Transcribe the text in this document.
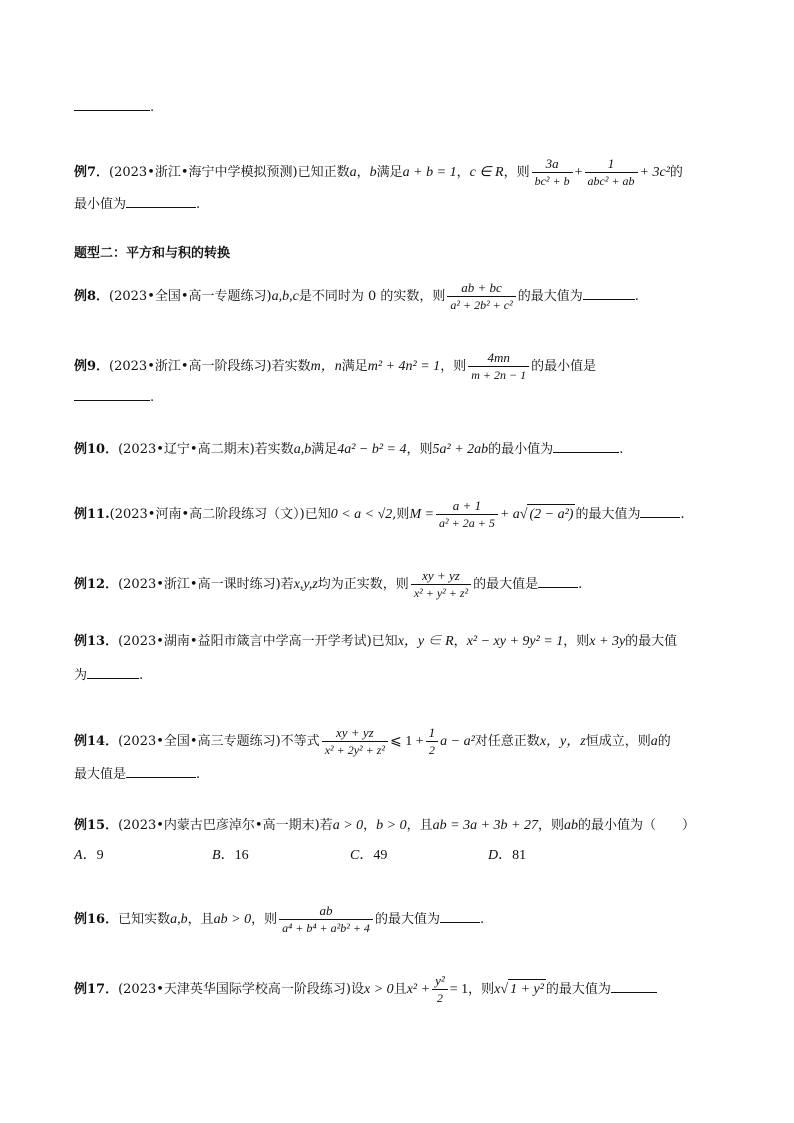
.
例7．(2023•浙江•海宁中学模拟预测)已知正数a，b满足a + b = 1，c ∈ R，则 $\frac{3a}{\text{bc² + b}} + \frac{1}{\text{abc² + ab}} + 3c^2$的
最小值为	.
题型二：平方和与积的转换
例8．(2023•全国•高一专题练习)a,b,c是不同时为 0 的实数，则 $\frac{ab + bc}{\text{a² + 2b² + c²}}$ 的最大值为	.
例9．(2023•浙江•高一阶段练习)若实数m，n满足m² + 4n² = 1，则 $\frac{4mn}{m + 2n - 1}$ 的最小值是
.
例10．(2023•辽宁•高二期末)若实数a,b满足4a² − b² = 4，则5a² + 2ab的最小值为	.
例11.(2023•河南•高二阶段练习（文）)已知0 < a < √2,则$M = \frac{a + 1}{\text{a² + 2a + 5}} + a√$ (2 − a²) 的最大值为	.
例12．(2023•浙江•高一课时练习)若x,y,z均为正实数，则 $\frac{xy + yz}{\text{x² + y² + z²}}$ 的最大值是	.
例13．(2023•湖南•益阳市箴言中学高一开学考试)已知x，y ∈ R，x² − xy + 9y² = 1，则x + 3y的最大值
为	.
例14．(2023•全国•高三专题练习)不等式 $\frac{xy + yz}{\text{x² + 2y² + z²}}$ ⩽ $1 + \frac{1}{2}$ a − a²对任意正数x，y，z恒成立，则a的
最大值是	.
例15．(2023•内蒙古巴彦淖尔•高一期末)若a > 0，b > 0，且ab = 3a + 3b + 27，则ab的最小值为（　　）
A．9	B．16	C．49	D．81
例16．已知实数a,b，且ab > 0，则 $\frac{ab}{\text{a⁴ + b⁴ + a²b² + 4}}$ 的最大值为	.
例17．(2023•天津英华国际学校高一阶段练习)设x > 0且$x^2 + \frac{\text{y²}}{2} = 1$，则x√ 1 + y² 的最大值为
